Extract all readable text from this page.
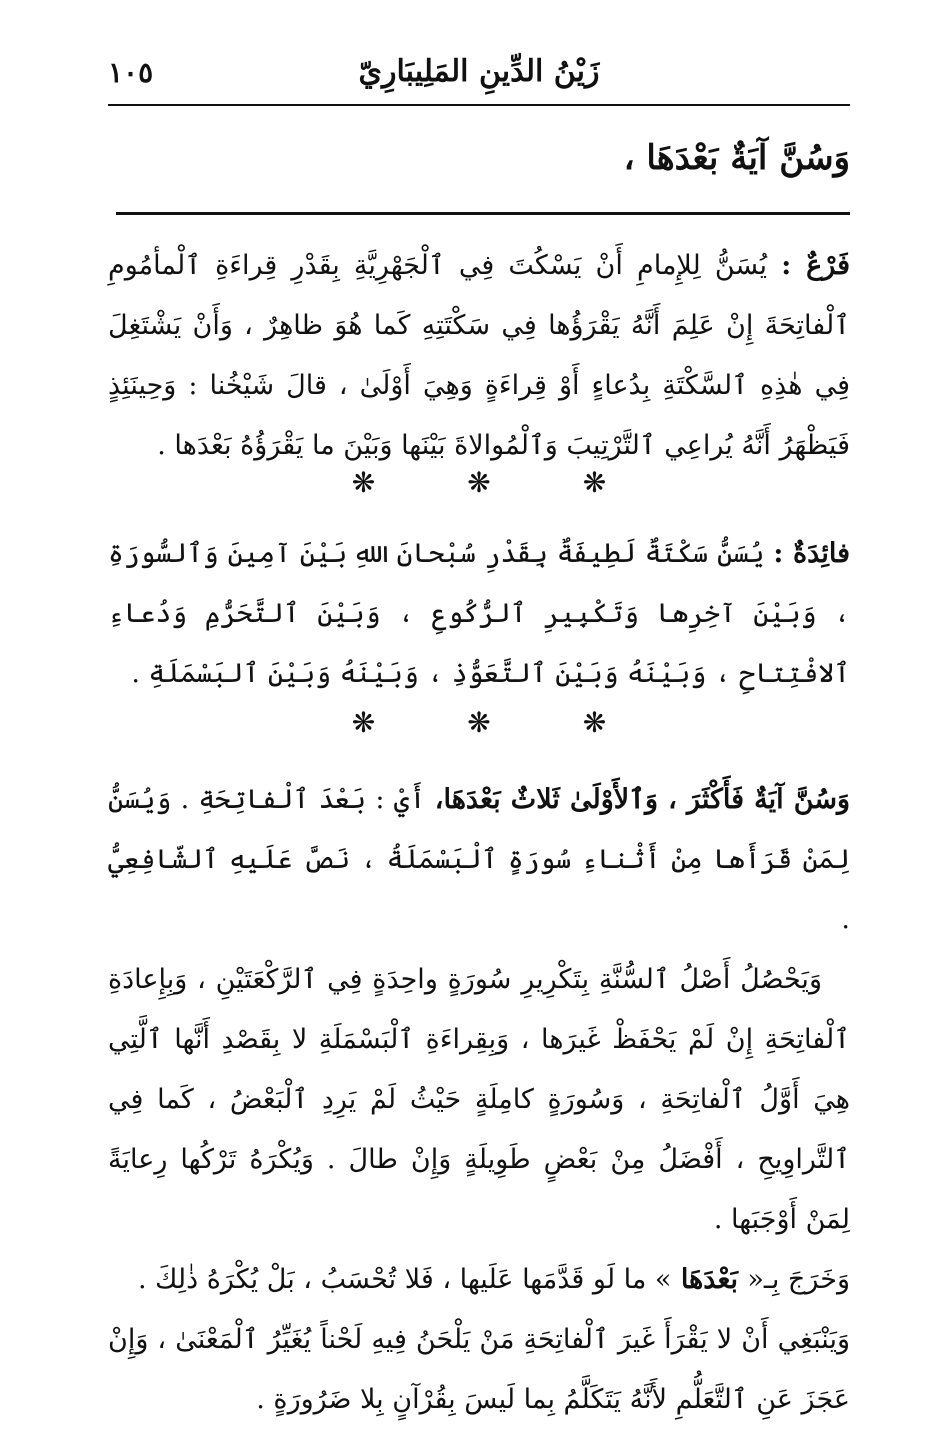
زَيْنُ الدِّينِ المَلِيبَارِيّ
١٠٥
وَسُنَّ آيَةٌ بَعْدَهَا ،

فَرْعٌ : يُسَنُّ لِلإِمامِ أَنْ يَسْكُتَ فِي ٱلْجَهْرِيَّةِ بِقَدْرِ قِراءَةِ ٱلْمأمُومِ ٱلْفاتِحَةَ إِنْ عَلِمَ أَنَّهُ يَقْرَؤُها فِي سَكْتَتِهِ كَما هُوَ ظاهِرٌ ، وَأَنْ يَشْتَغِلَ فِي هٰذِهِ ٱلسَّكْتَةِ بِدُعاءٍ أَوْ قِراءَةٍ وَهِيَ أَوْلَىٰ ، قالَ شَيْخُنا : وَحِينَئِذٍ فَيَظْهَرُ أَنَّهُ يُراعِي ٱلتَّرْتِيبَ وَٱلْمُوالاةَ بَيْنَها وَبَيْنَ ما يَقْرَؤُهُ بَعْدَها .

❋
❋
❋

فائِدَةٌ : يُسَنُّ سَكْتَةٌ لَطِيفَةٌ بِقَدْرِ سُبْحانَ اللهِ بَيْنَ آمِينَ وَٱلسُّورَةِ ، وَبَيْنَ آخِرِها وَتَكْبِيرِ ٱلرُّكُوعِ ، وَبَيْنَ ٱلتَّحَرُّمِ وَدُعاءِ ٱلافْتِتاحِ ، وَبَيْنَهُ وَبَيْنَ ٱلتَّعَوُّذِ ، وَبَيْنَهُ وَبَيْنَ ٱلبَسْمَلَةِ .

❋
❋
❋

وَسُنَّ آيَةٌ فَأَكْثَرَ ، وَٱلأَوْلَىٰ ثَلاثٌ بَعْدَهَا، أَيْ : بَعْدَ ٱلْفاتِحَةِ . وَيُسَنُّ لِمَنْ قَرَأَها مِنْ أَثْناءِ سُورَةٍ ٱلْبَسْمَلَةُ ، نَصَّ عَلَيهِ ٱلشّافِعِيُّ .

وَيَحْصُلُ أَصْلُ ٱلسُّنَّةِ بِتَكْرِيرِ سُورَةٍ واحِدَةٍ فِي ٱلرَّكْعَتَيْنِ ، وَبِإِعادَةِ ٱلْفاتِحَةِ إِنْ لَمْ يَحْفَظْ غَيرَها ، وَبِقِراءَةِ ٱلْبَسْمَلَةِ لا بِقَصْدِ أَنَّها ٱلَّتِي هِيَ أَوَّلُ ٱلْفاتِحَةِ ، وَسُورَةٍ كامِلَةٍ حَيْثُ لَمْ يَرِدِ ٱلْبَعْضُ ، كَما فِي ٱلتَّراوِيحِ ، أَفْضَلُ مِنْ بَعْضٍ طَوِيلَةٍ وَإِنْ طالَ . وَيُكْرَهُ تَرْكُها رِعايَةً لِمَنْ أَوْجَبَها .

وَخَرَجَ بِـ« بَعْدَهَا » ما لَو قَدَّمَها عَلَيها ، فَلا تُحْسَبُ ، بَلْ يُكْرَهُ ذٰلِكَ .

وَيَنْبَغِي أَنْ لا يَقْرَأَ غَيرَ ٱلْفاتِحَةِ مَنْ يَلْحَنُ فِيهِ لَحْناً يُغَيِّرُ ٱلْمَعْنَىٰ ، وَإِنْ عَجَزَ عَنِ ٱلتَّعَلُّمِ لأَنَّهُ يَتَكَلَّمُ بِما لَيسَ بِقُرْآنٍ بِلا ضَرُورَةٍ .
